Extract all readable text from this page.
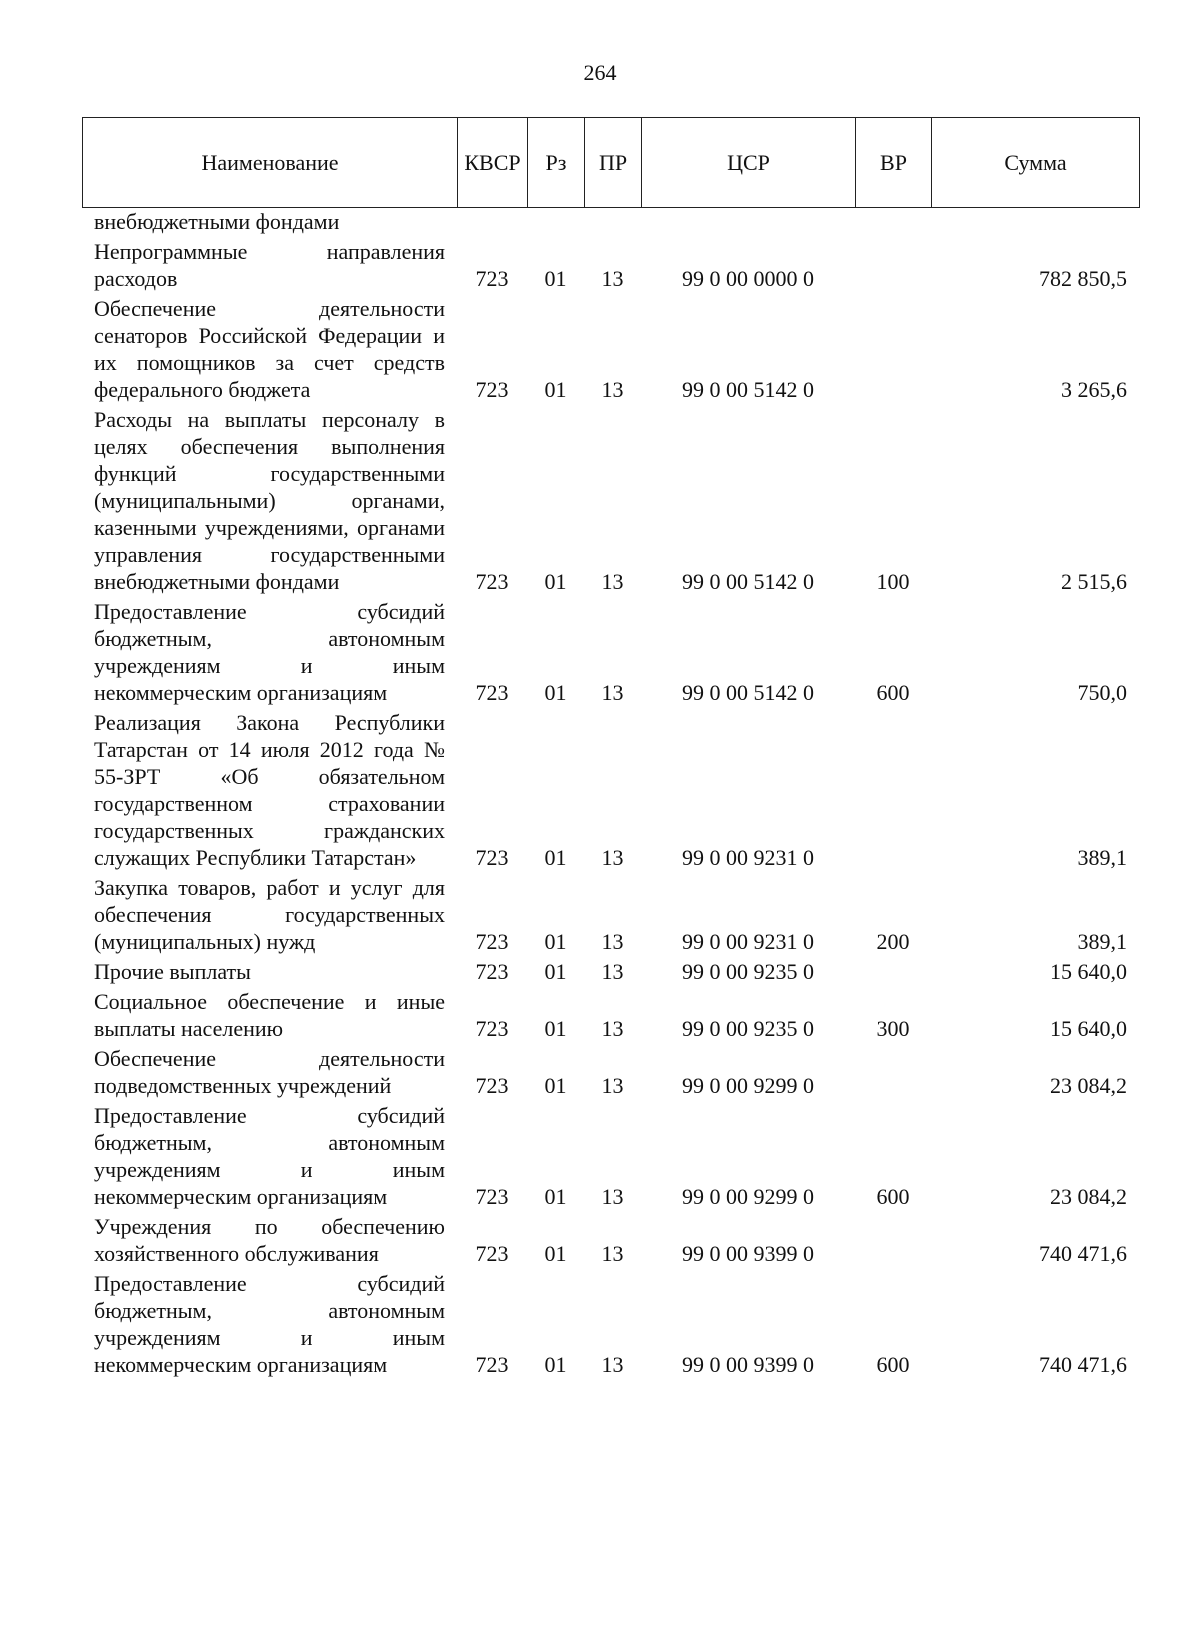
264
Наименование	КВСР	Рз	ПР	ЦСР	ВР	Сумма
внебюджетными фондами						
Непрограммные направления расходов	723	01	13	99 0 00 0000 0		782 850,5
Обеспечение деятельности сенаторов Российской Федерации и их помощников за счет средств федерального бюджета	723	01	13	99 0 00 5142 0		3 265,6
Расходы на выплаты персоналу в целях обеспечения выполнения функций государственными (муниципальными) органами, казенными учреждениями, органами управления государственными внебюджетными фондами	723	01	13	99 0 00 5142 0	100	2 515,6
Предоставление субсидий бюджетным, автономным учреждениям и иным некоммерческим организациям	723	01	13	99 0 00 5142 0	600	750,0
Реализация Закона Республики Татарстан от 14 июля 2012 года № 55-ЗРТ «Об обязательном государственном страховании государственных гражданских служащих Республики Татарстан»	723	01	13	99 0 00 9231 0		389,1
Закупка товаров, работ и услуг для обеспечения государственных (муниципальных) нужд	723	01	13	99 0 00 9231 0	200	389,1
Прочие выплаты	723	01	13	99 0 00 9235 0		15 640,0
Социальное обеспечение и иные выплаты населению	723	01	13	99 0 00 9235 0	300	15 640,0
Обеспечение деятельности подведомственных учреждений	723	01	13	99 0 00 9299 0		23 084,2
Предоставление субсидий бюджетным, автономным учреждениям и иным некоммерческим организациям	723	01	13	99 0 00 9299 0	600	23 084,2
Учреждения по обеспечению хозяйственного обслуживания	723	01	13	99 0 00 9399 0		740 471,6
Предоставление субсидий бюджетным, автономным учреждениям и иным некоммерческим организациям	723	01	13	99 0 00 9399 0	600	740 471,6
